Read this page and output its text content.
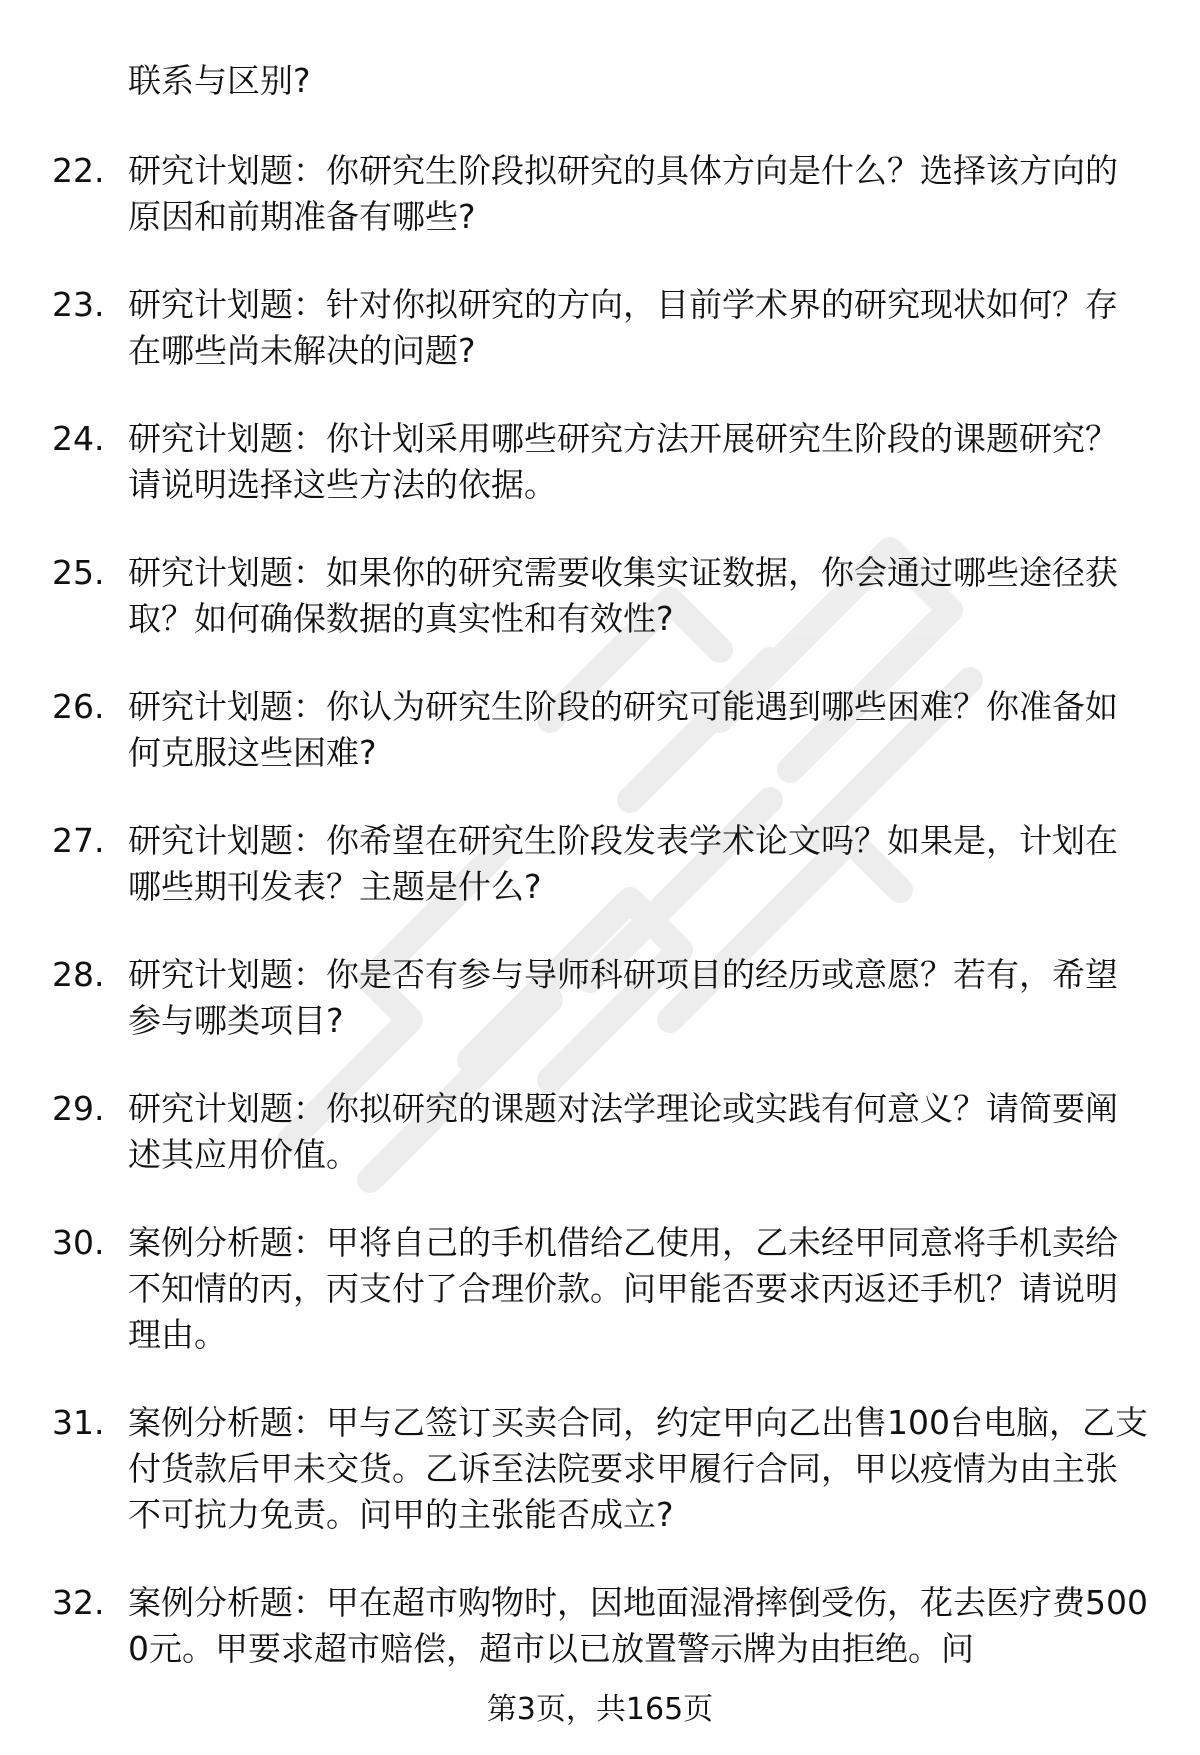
联系与区别?
22. 研究计划题：你研究生阶段拟研究的具体方向是什么？选择该方向的原因和前期准备有哪些?
23. 研究计划题：针对你拟研究的方向，目前学术界的研究现状如何？存在哪些尚未解决的问题?
24. 研究计划题：你计划采用哪些研究方法开展研究生阶段的课题研究？请说明选择这些方法的依据。
25. 研究计划题：如果你的研究需要收集实证数据，你会通过哪些途径获取？如何确保数据的真实性和有效性?
26. 研究计划题：你认为研究生阶段的研究可能遇到哪些困难？你准备如何克服这些困难?
27. 研究计划题：你希望在研究生阶段发表学术论文吗？如果是，计划在哪些期刊发表？主题是什么?
28. 研究计划题：你是否有参与导师科研项目的经历或意愿？若有，希望参与哪类项目?
29. 研究计划题：你拟研究的课题对法学理论或实践有何意义？请简要阐述其应用价值。
30. 案例分析题：甲将自己的手机借给乙使用，乙未经甲同意将手机卖给不知情的丙，丙支付了合理价款。问甲能否要求丙返还手机？请说明理由。
31. 案例分析题：甲与乙签订买卖合同，约定甲向乙出售100台电脑，乙支付货款后甲未交货。乙诉至法院要求甲履行合同，甲以疫情为由主张不可抗力免责。问甲的主张能否成立?
32. 案例分析题：甲在超市购物时，因地面湿滑摔倒受伤，花去医疗费5000元。甲要求超市赔偿，超市以已放置警示牌为由拒绝。问
第3页，共165页
